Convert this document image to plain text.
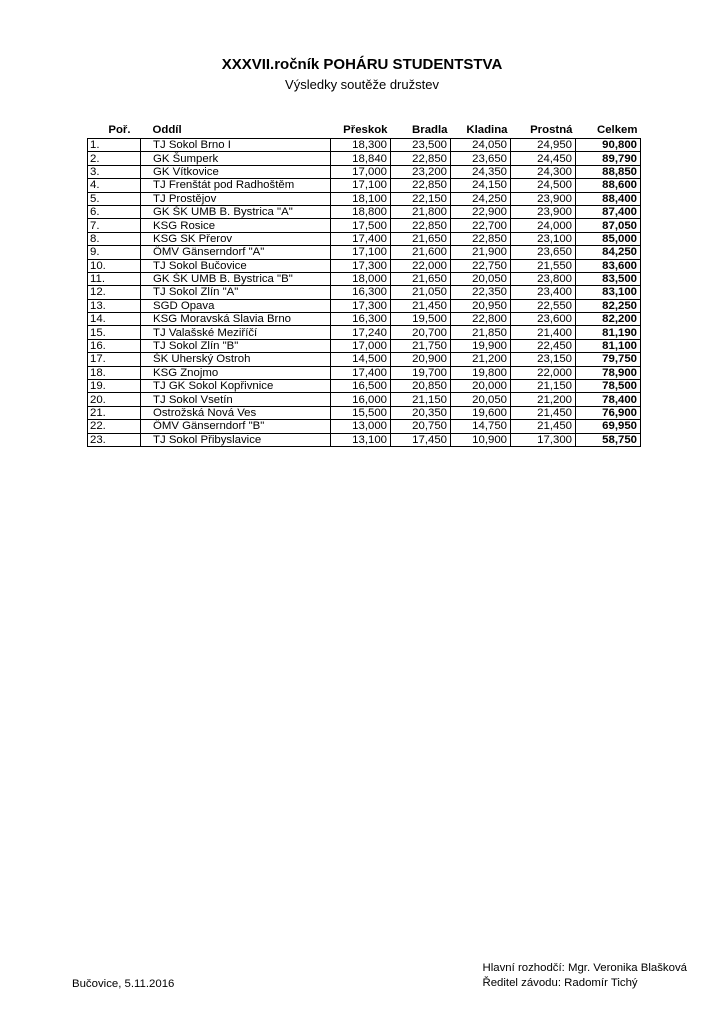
XXXVII.ročník POHÁRU STUDENTSTVA
Výsledky soutěže družstev
Poř.	Oddíl	Přeskok	Bradla	Kladina	Prostná	Celkem
1.	TJ Sokol Brno I	18,300	23,500	24,050	24,950	90,800
2.	GK Šumperk	18,840	22,850	23,650	24,450	89,790
3.	GK Vítkovice	17,000	23,200	24,350	24,300	88,850
4.	TJ Frenštát pod Radhoštěm	17,100	22,850	24,150	24,500	88,600
5.	TJ Prostějov	18,100	22,150	24,250	23,900	88,400
6.	GK ŠK UMB B. Bystrica "A"	18,800	21,800	22,900	23,900	87,400
7.	KSG Rosice	17,500	22,850	22,700	24,000	87,050
8.	KSG SK Přerov	17,400	21,650	22,850	23,100	85,000
9.	ÖMV Gänserndorf "A"	17,100	21,600	21,900	23,650	84,250
10.	TJ Sokol Bučovice	17,300	22,000	22,750	21,550	83,600
11.	GK ŠK UMB B. Bystrica "B"	18,000	21,650	20,050	23,800	83,500
12.	TJ Sokol Zlín "A"	16,300	21,050	22,350	23,400	83,100
13.	SGD Opava	17,300	21,450	20,950	22,550	82,250
14.	KSG Moravská Slavia Brno	16,300	19,500	22,800	23,600	82,200
15.	TJ Valašské Meziříčí	17,240	20,700	21,850	21,400	81,190
16.	TJ Sokol Zlín "B"	17,000	21,750	19,900	22,450	81,100
17.	ŠK Uherský Ostroh	14,500	20,900	21,200	23,150	79,750
18.	KSG Znojmo	17,400	19,700	19,800	22,000	78,900
19.	TJ GK Sokol Kopřivnice	16,500	20,850	20,000	21,150	78,500
20.	TJ Sokol Vsetín	16,000	21,150	20,050	21,200	78,400
21.	Ostrožská Nová Ves	15,500	20,350	19,600	21,450	76,900
22.	ÖMV Gänserndorf "B"	13,000	20,750	14,750	21,450	69,950
23.	TJ Sokol Přibyslavice	13,100	17,450	10,900	17,300	58,750
Bučovice, 5.11.2016
Hlavní rozhodčí: Mgr. Veronika Blašková
Ředitel závodu: Radomír Tichý
